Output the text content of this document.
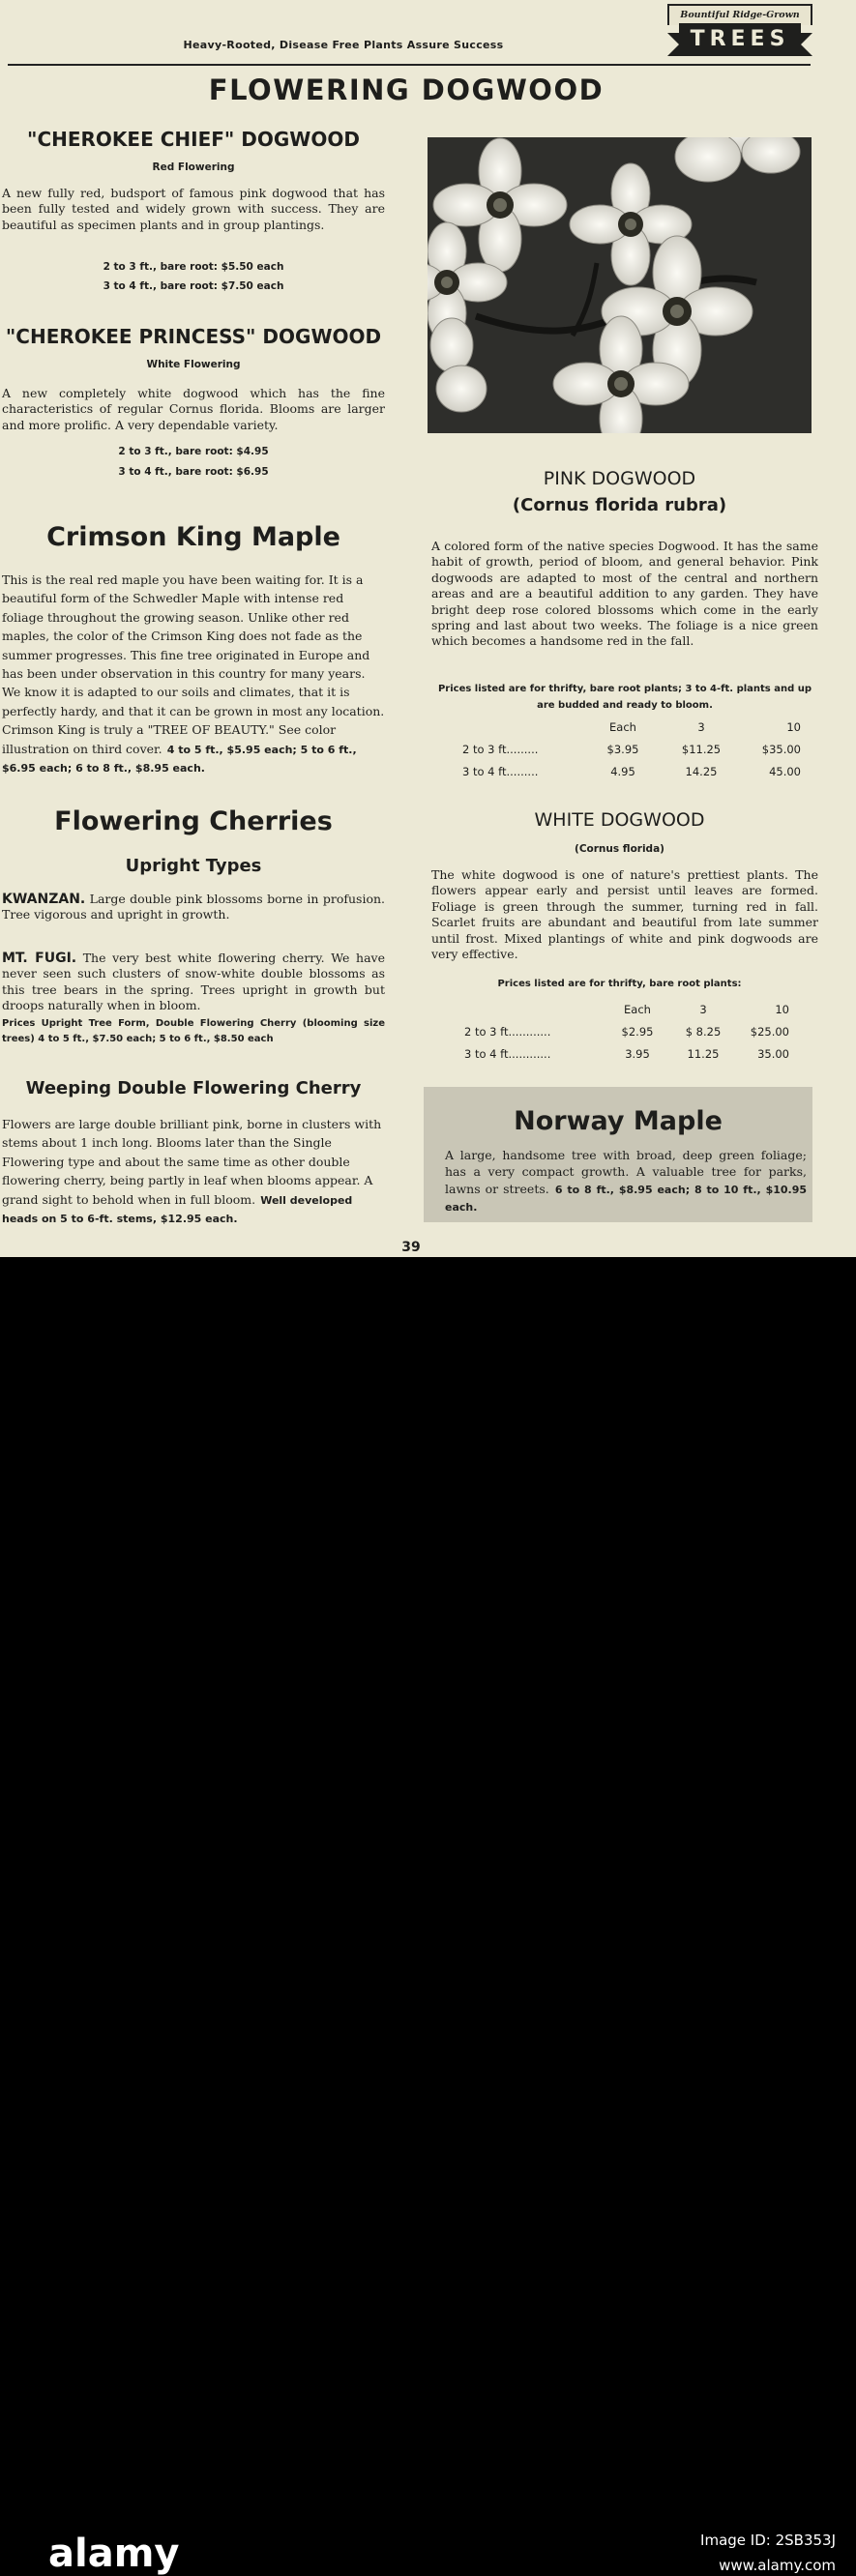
Heavy-Rooted, Disease Free Plants Assure Success
Bountiful Ridge-Grown
TREES
FLOWERING DOGWOOD
"CHEROKEE CHIEF" DOGWOOD
Red Flowering
A new fully red, budsport of famous pink dogwood that has been fully tested and widely grown with success. They are beautiful as specimen plants and in group plantings.
2 to 3 ft., bare root: $5.50 each
3 to 4 ft., bare root: $7.50 each
"CHEROKEE PRINCESS" DOGWOOD
White Flowering
A new completely white dogwood which has the fine characteristics of regular Cornus florida. Blooms are larger and more prolific. A very dependable variety.
2 to 3 ft., bare root: $4.95
3 to 4 ft., bare root: $6.95
Crimson King Maple
This is the real red maple you have been waiting for. It is a beautiful form of the Schwedler Maple with intense red foliage throughout the growing season. Unlike other red maples, the color of the Crimson King does not fade as the summer progresses. This fine tree originated in Europe and has been under observation in this country for many years. We know it is adapted to our soils and climates, that it is perfectly hardy, and that it can be grown in most any location. Crimson King is truly a "TREE OF BEAUTY." See color illustration on third cover. 4 to 5 ft., $5.95 each; 5 to 6 ft., $6.95 each; 6 to 8 ft., $8.95 each.
Flowering Cherries
Upright Types
KWANZAN. Large double pink blossoms borne in profusion. Tree vigorous and upright in growth.
MT. FUGI. The very best white flowering cherry. We have never seen such clusters of snow-white double blossoms as this tree bears in the spring. Trees upright in growth but droops naturally when in bloom.
Prices Upright Tree Form, Double Flowering Cherry (blooming size trees) 4 to 5 ft., $7.50 each; 5 to 6 ft., $8.50 each
Weeping Double Flowering Cherry
Flowers are large double brilliant pink, borne in clusters with stems about 1 inch long. Blooms later than the Single Flowering type and about the same time as other double flowering cherry, being partly in leaf when blooms appear. A grand sight to behold when in full bloom. Well developed heads on 5 to 6-ft. stems, $12.95 each.
PINK DOGWOOD
(Cornus florida rubra)
A colored form of the native species Dogwood. It has the same habit of growth, period of bloom, and general behavior. Pink dogwoods are adapted to most of the central and northern areas and are a beautiful addition to any garden. They have bright deep rose colored blossoms which come in the early spring and last about two weeks. The foliage is a nice green which becomes a handsome red in the fall.
Prices listed are for thrifty, bare root plants; 3 to 4-ft. plants and up are budded and ready to bloom.
	Each	3	10
2 to 3 ft.........	$3.95	$11.25	$35.00
3 to 4 ft.........	4.95	14.25	45.00
WHITE DOGWOOD
(Cornus florida)
The white dogwood is one of nature's prettiest plants. The flowers appear early and persist until leaves are formed. Foliage is green through the summer, turning red in fall. Scarlet fruits are abundant and beautiful from late summer until frost. Mixed plantings of white and pink dogwoods are very effective.
Prices listed are for thrifty, bare root plants:
	Each	3	10
2 to 3 ft............	$2.95	$ 8.25	$25.00
3 to 4 ft............	3.95	11.25	35.00
Norway Maple
A large, handsome tree with broad, deep green foliage; has a very compact growth. A valuable tree for parks, lawns or streets. 6 to 8 ft., $8.95 each; 8 to 10 ft., $10.95 each.
39
alamy	Image ID: 2SB353J
www.alamy.com
